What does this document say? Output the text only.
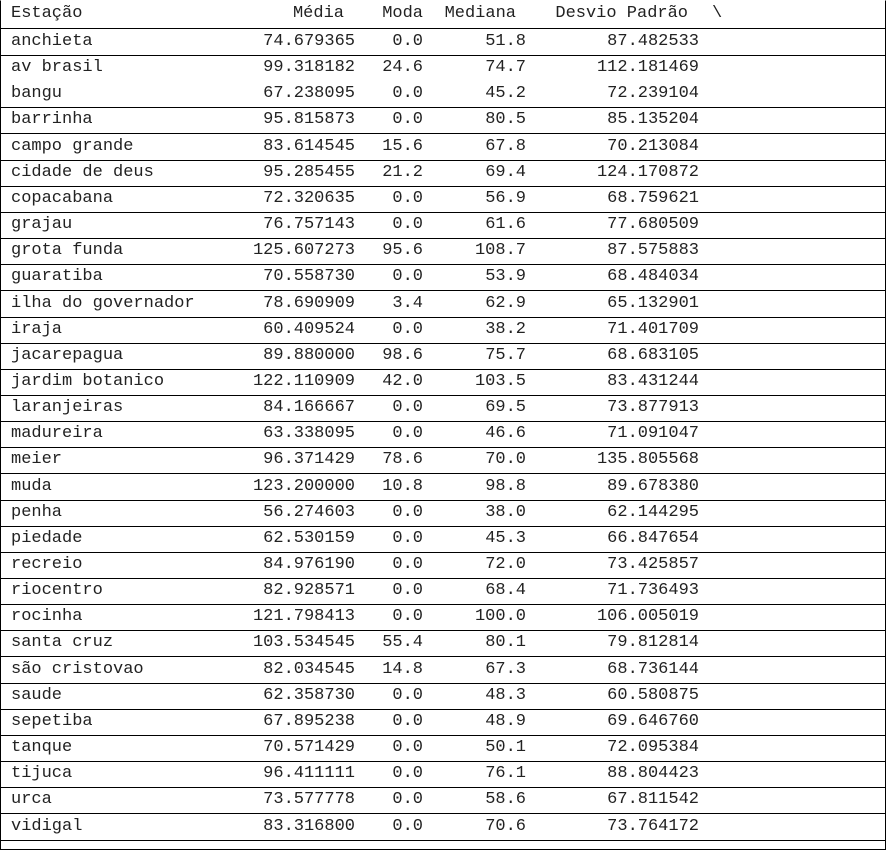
Estação	Média Moda Mediana Desvio Padrão \
anchieta	74.679365 0.0	51.8	87.482533
av brasil	99.318182 24.6	74.7	112.181469
bangu	67.238095 0.0	45.2	72.239104
barrinha	95.815873 0.0	80.5	85.135204
campo grande	83.614545 15.6	67.8	70.213084
cidade de deus	95.285455 21.2	69.4	124.170872
copacabana	72.320635 0.0	56.9	68.759621
grajau	76.757143 0.0	61.6	77.680509
grota funda	125.607273 95.6	108.7	87.575883
guaratiba	70.558730 0.0	53.9	68.484034
ilha do governador	78.690909 3.4	62.9	65.132901
iraja	60.409524 0.0	38.2	71.401709
jacarepagua	89.880000 98.6	75.7	68.683105
jardim botanico	122.110909 42.0	103.5	83.431244
laranjeiras	84.166667 0.0	69.5	73.877913
madureira	63.338095 0.0	46.6	71.091047
meier	96.371429 78.6	70.0	135.805568
muda	123.200000 10.8	98.8	89.678380
penha	56.274603 0.0	38.0	62.144295
piedade	62.530159 0.0	45.3	66.847654
recreio	84.976190 0.0	72.0	73.425857
riocentro	82.928571 0.0	68.4	71.736493
rocinha	121.798413 0.0	100.0	106.005019
santa cruz	103.534545 55.4	80.1	79.812814
são cristovao	82.034545 14.8	67.3	68.736144
saude	62.358730 0.0	48.3	60.580875
sepetiba	67.895238 0.0	48.9	69.646760
tanque	70.571429 0.0	50.1	72.095384
tijuca	96.411111 0.0	76.1	88.804423
urca	73.577778 0.0	58.6	67.811542
vidigal	83.316800 0.0	70.6	73.764172
